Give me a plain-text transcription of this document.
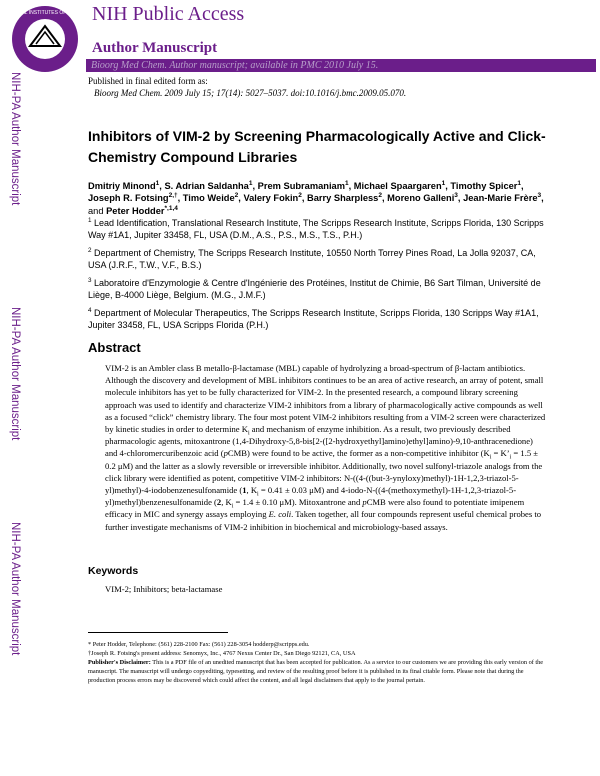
NATIONAL INSTITUTES OF HEALTH NIH Public Access
Author Manuscript
Bioorg Med Chem. Author manuscript; available in PMC 2010 July 15.
NIH-PA Author Manuscript
NIH-PA Author Manuscript
NIH-PA Author Manuscript
Published in final edited form as:
Bioorg Med Chem. 2009 July 15; 17(14): 5027–5037. doi:10.1016/j.bmc.2009.05.070.
Inhibitors of VIM-2 by Screening Pharmacologically Active and Click-Chemistry Compound Libraries
Dmitriy Minond$^1$, S. Adrian Saldanha$^1$, Prem Subramaniam$^1$, Michael Spaargaren$^1$, Timothy Spicer$^1$, Joseph R. Fotsing$^{2,\dagger}$, Timo Weide$^2$, Valery Fokin$^2$, Barry Sharpless$^2$, Moreno Galleni$^3$, Jean-Marie Frère$^3$, and Peter Hodder$^{*,1,4}$
$^1$ Lead Identification, Translational Research Institute, The Scripps Research Institute, Scripps Florida, 130 Scripps Way #1A1, Jupiter 33458, FL, USA (D.M., A.S., P.S., M.S., T.S., P.H.)
$^2$ Department of Chemistry, The Scripps Research Institute, 10550 North Torrey Pines Road, La Jolla 92037, CA, USA (J.R.F., T.W., V.F., B.S.)
$^3$ Laboratoire d'Enzymologie & Centre d'Ingénierie des Protéines, Institut de Chimie, B6 Sart Tilman, Université de Liège, B-4000 Liège, Belgium. (M.G., J.M.F.)
$^4$ Department of Molecular Therapeutics, The Scripps Research Institute, Scripps Florida, 130 Scripps Way #1A1, Jupiter 33458, FL, USA Scripps Florida (P.H.)
Abstract
VIM-2 is an Ambler class B metallo-β-lactamase (MBL) capable of hydrolyzing a broad-spectrum of β-lactam antibiotics. Although the discovery and development of MBL inhibitors continues to be an area of active research, an array of potent, small molecule inhibitors has yet to be fully characterized for VIM-2. In the presented research, a compound library screening approach was used to identify and characterize VIM-2 inhibitors from a library of pharmacologically active compounds as well as a focused “click” chemistry library. The four most potent VIM-2 inhibitors resulting from a VIM-2 screen were characterized by kinetic studies in order to determine $K_i$ and mechanism of enzyme inhibition. As a result, two previously described pharmacologic agents, mitoxantrone (1,4-Dihydroxy-5,8-bis[2-([2-hydroxyethyl]amino)ethyl]amino)-9,10-anthracenedione) and 4-chloromercuribenzoic acid (pCMB) were found to be active, the former as a non-competitive inhibitor ($K_i$ = $K’_i = 1.5 \pm 0.2$ μM) and the latter as a slowly reversible or irreversible inhibitor. Additionally, two novel sulfonyl-triazole analogs from the click library were identified as potent, competitive VIM-2 inhibitors: N-((4-((but-3-ynyloxy)methyl)-1H-1,2,3-triazol-5-yl)methyl)-4-iodobenzenesulfonamide (1, $K_i = 0.41 \pm 0.03$ μM) and 4-iodo-N-((4-(methoxymethyl)-1H-1,2,3-triazol-5-yl)methyl)benzenesulfonamide (2, $K_i = 1.4 \pm 0.10$ μM). Mitoxantrone and pCMB were also found to potentiate imipenem efficacy in MIC and synergy assays employing E. coli. Taken together, all four compounds represent useful chemical probes to further investigate mechanisms of VIM-2 inhibition in biochemical and microbiology-based assays.
Keywords
VIM-2; Inhibitors; beta-lactamase

* Peter Hodder, Telephone: (561) 228-2100 Fax: (561) 228-3054 hodderp@scripps.edu.

†Joseph R. Fotsing's present address: Senomyx, Inc., 4767 Nexus Center Dr., San Diego 92121, CA, USA

Publisher's Disclaimer: This is a PDF file of an unedited manuscript that has been accepted for publication. As a service to our customers we are providing this early version of the manuscript. The manuscript will undergo copyediting, typesetting, and review of the resulting proof before it is published in its final citable form. Please note that during the production process errors may be discovered which could affect the content, and all legal disclaimers that apply to the journal pertain.
